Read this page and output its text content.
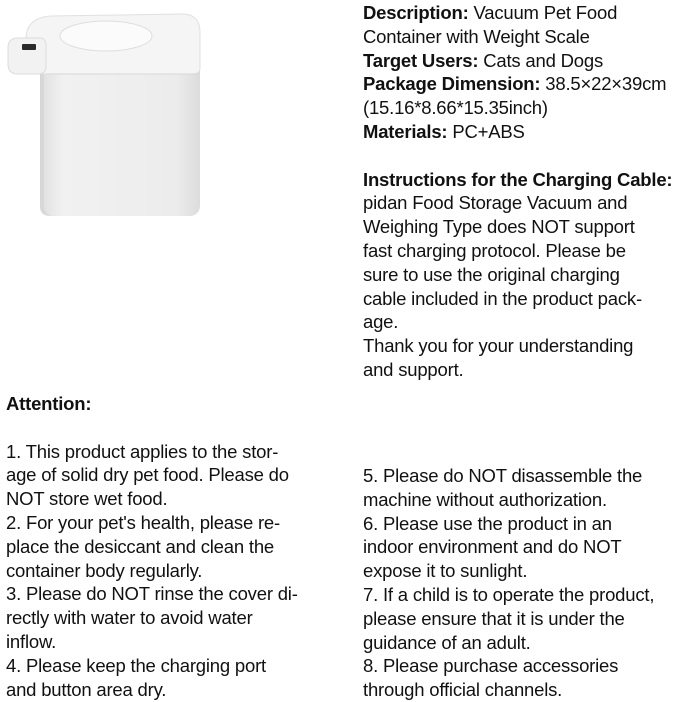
Description: Vacuum Pet Food
Container with Weight Scale
Target Users: Cats and Dogs
Package Dimension: 38.5×22×39cm
(15.16*8.66*15.35inch)
Materials: PC+ABS
Instructions for the Charging Cable:
pidan Food Storage Vacuum and
Weighing Type does NOT support
fast charging protocol. Please be
sure to use the original charging
cable included in the product pack-
age.
Thank you for your understanding
and support.
Attention:
1. This product applies to the stor-
age of solid dry pet food. Please do
NOT store wet food.
2. For your pet's health, please re-
place the desiccant and clean the
container body regularly.
3. Please do NOT rinse the cover di-
rectly with water to avoid water
inflow.
4. Please keep the charging port
and button area dry.
5. Please do NOT disassemble the
machine without authorization.
6. Please use the product in an
indoor environment and do NOT
expose it to sunlight.
7. If a child is to operate the product,
please ensure that it is under the
guidance of an adult.
8. Please purchase accessories
through official channels.
